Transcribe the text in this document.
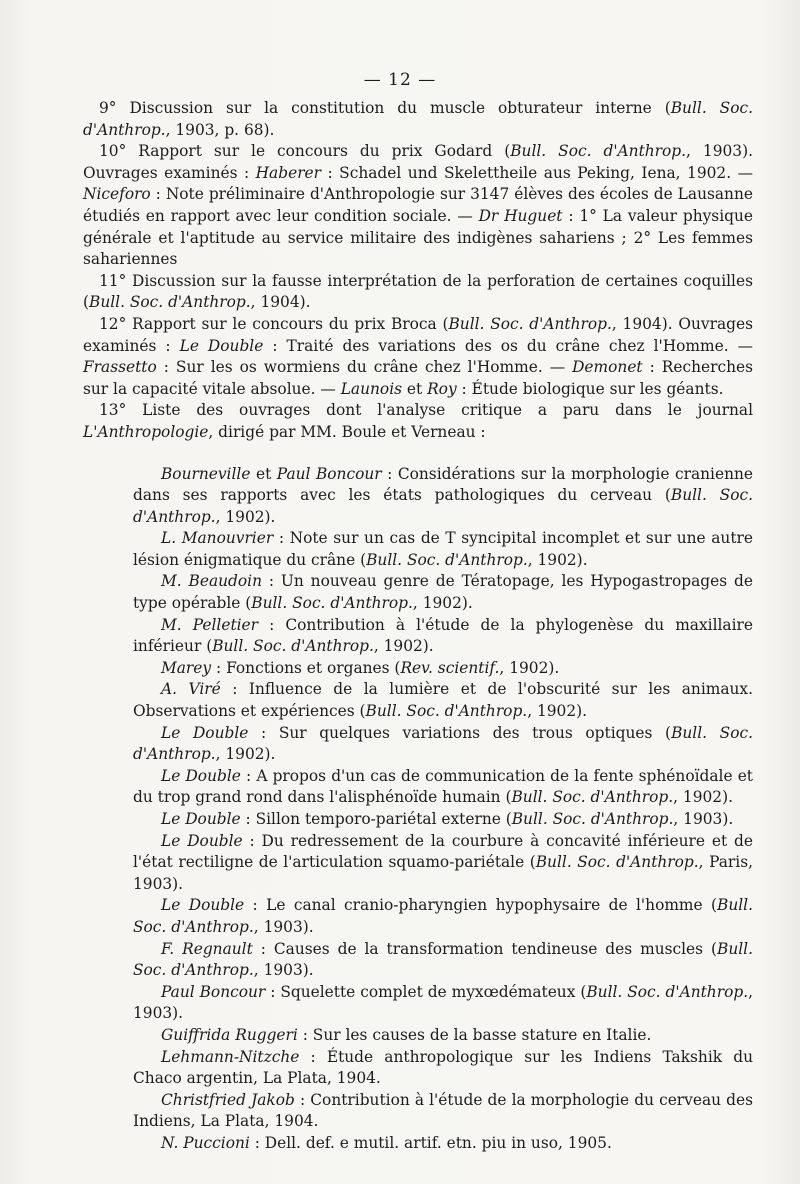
— 12 —

9° Discussion sur la constitution du muscle obturateur interne (Bull. Soc. d'Anthrop., 1903, p. 68).

10° Rapport sur le concours du prix Godard (Bull. Soc. d'Anthrop., 1903). Ouvrages examinés : Haberer : Schadel und Skelettheile aus Peking, Iena, 1902. — Niceforo : Note préliminaire d'Anthropologie sur 3147 élèves des écoles de Lausanne étudiés en rapport avec leur condition sociale. — Dr Huguet : 1° La valeur physique générale et l'aptitude au service militaire des indigènes sahariens ; 2° Les femmes sahariennes

11° Discussion sur la fausse interprétation de la perforation de certaines coquilles (Bull. Soc. d'Anthrop., 1904).

12° Rapport sur le concours du prix Broca (Bull. Soc. d'Anthrop., 1904). Ouvrages examinés : Le Double : Traité des variations des os du crâne chez l'Homme. — Frassetto : Sur les os wormiens du crâne chez l'Homme. — Demonet : Recherches sur la capacité vitale absolue. — Launois et Roy : Étude biologique sur les géants.

13° Liste des ouvrages dont l'analyse critique a paru dans le journal L'Anthropologie, dirigé par MM. Boule et Verneau :

Bourneville et Paul Boncour : Considérations sur la morphologie cranienne dans ses rapports avec les états pathologiques du cerveau (Bull. Soc. d'Anthrop., 1902).

L. Manouvrier : Note sur un cas de T syncipital incomplet et sur une autre lésion énigmatique du crâne (Bull. Soc. d'Anthrop., 1902).

M. Beaudoin : Un nouveau genre de Tératopage, les Hypogastropages de type opérable (Bull. Soc. d'Anthrop., 1902).

M. Pelletier : Contribution à l'étude de la phylogenèse du maxillaire inférieur (Bull. Soc. d'Anthrop., 1902).

Marey : Fonctions et organes (Rev. scientif., 1902).

A. Viré : Influence de la lumière et de l'obscurité sur les animaux. Observations et expériences (Bull. Soc. d'Anthrop., 1902).

Le Double : Sur quelques variations des trous optiques (Bull. Soc. d'Anthrop., 1902).

Le Double : A propos d'un cas de communication de la fente sphénoïdale et du trop grand rond dans l'alisphénoïde humain (Bull. Soc. d'Anthrop., 1902).

Le Double : Sillon temporo-pariétal externe (Bull. Soc. d'Anthrop., 1903).

Le Double : Du redressement de la courbure à concavité inférieure et de l'état rectiligne de l'articulation squamo-pariétale (Bull. Soc. d'Anthrop., Paris, 1903).

Le Double : Le canal cranio-pharyngien hypophysaire de l'homme (Bull. Soc. d'Anthrop., 1903).

F. Regnault : Causes de la transformation tendineuse des muscles (Bull. Soc. d'Anthrop., 1903).

Paul Boncour : Squelette complet de myxœdémateux (Bull. Soc. d'Anthrop., 1903).

Guiffrida Ruggeri : Sur les causes de la basse stature en Italie.

Lehmann-Nitzche : Étude anthropologique sur les Indiens Takshik du Chaco argentin, La Plata, 1904.

Christfried Jakob : Contribution à l'étude de la morphologie du cerveau des Indiens, La Plata, 1904.

N. Puccioni : Dell. def. e mutil. artif. etn. piu in uso, 1905.
